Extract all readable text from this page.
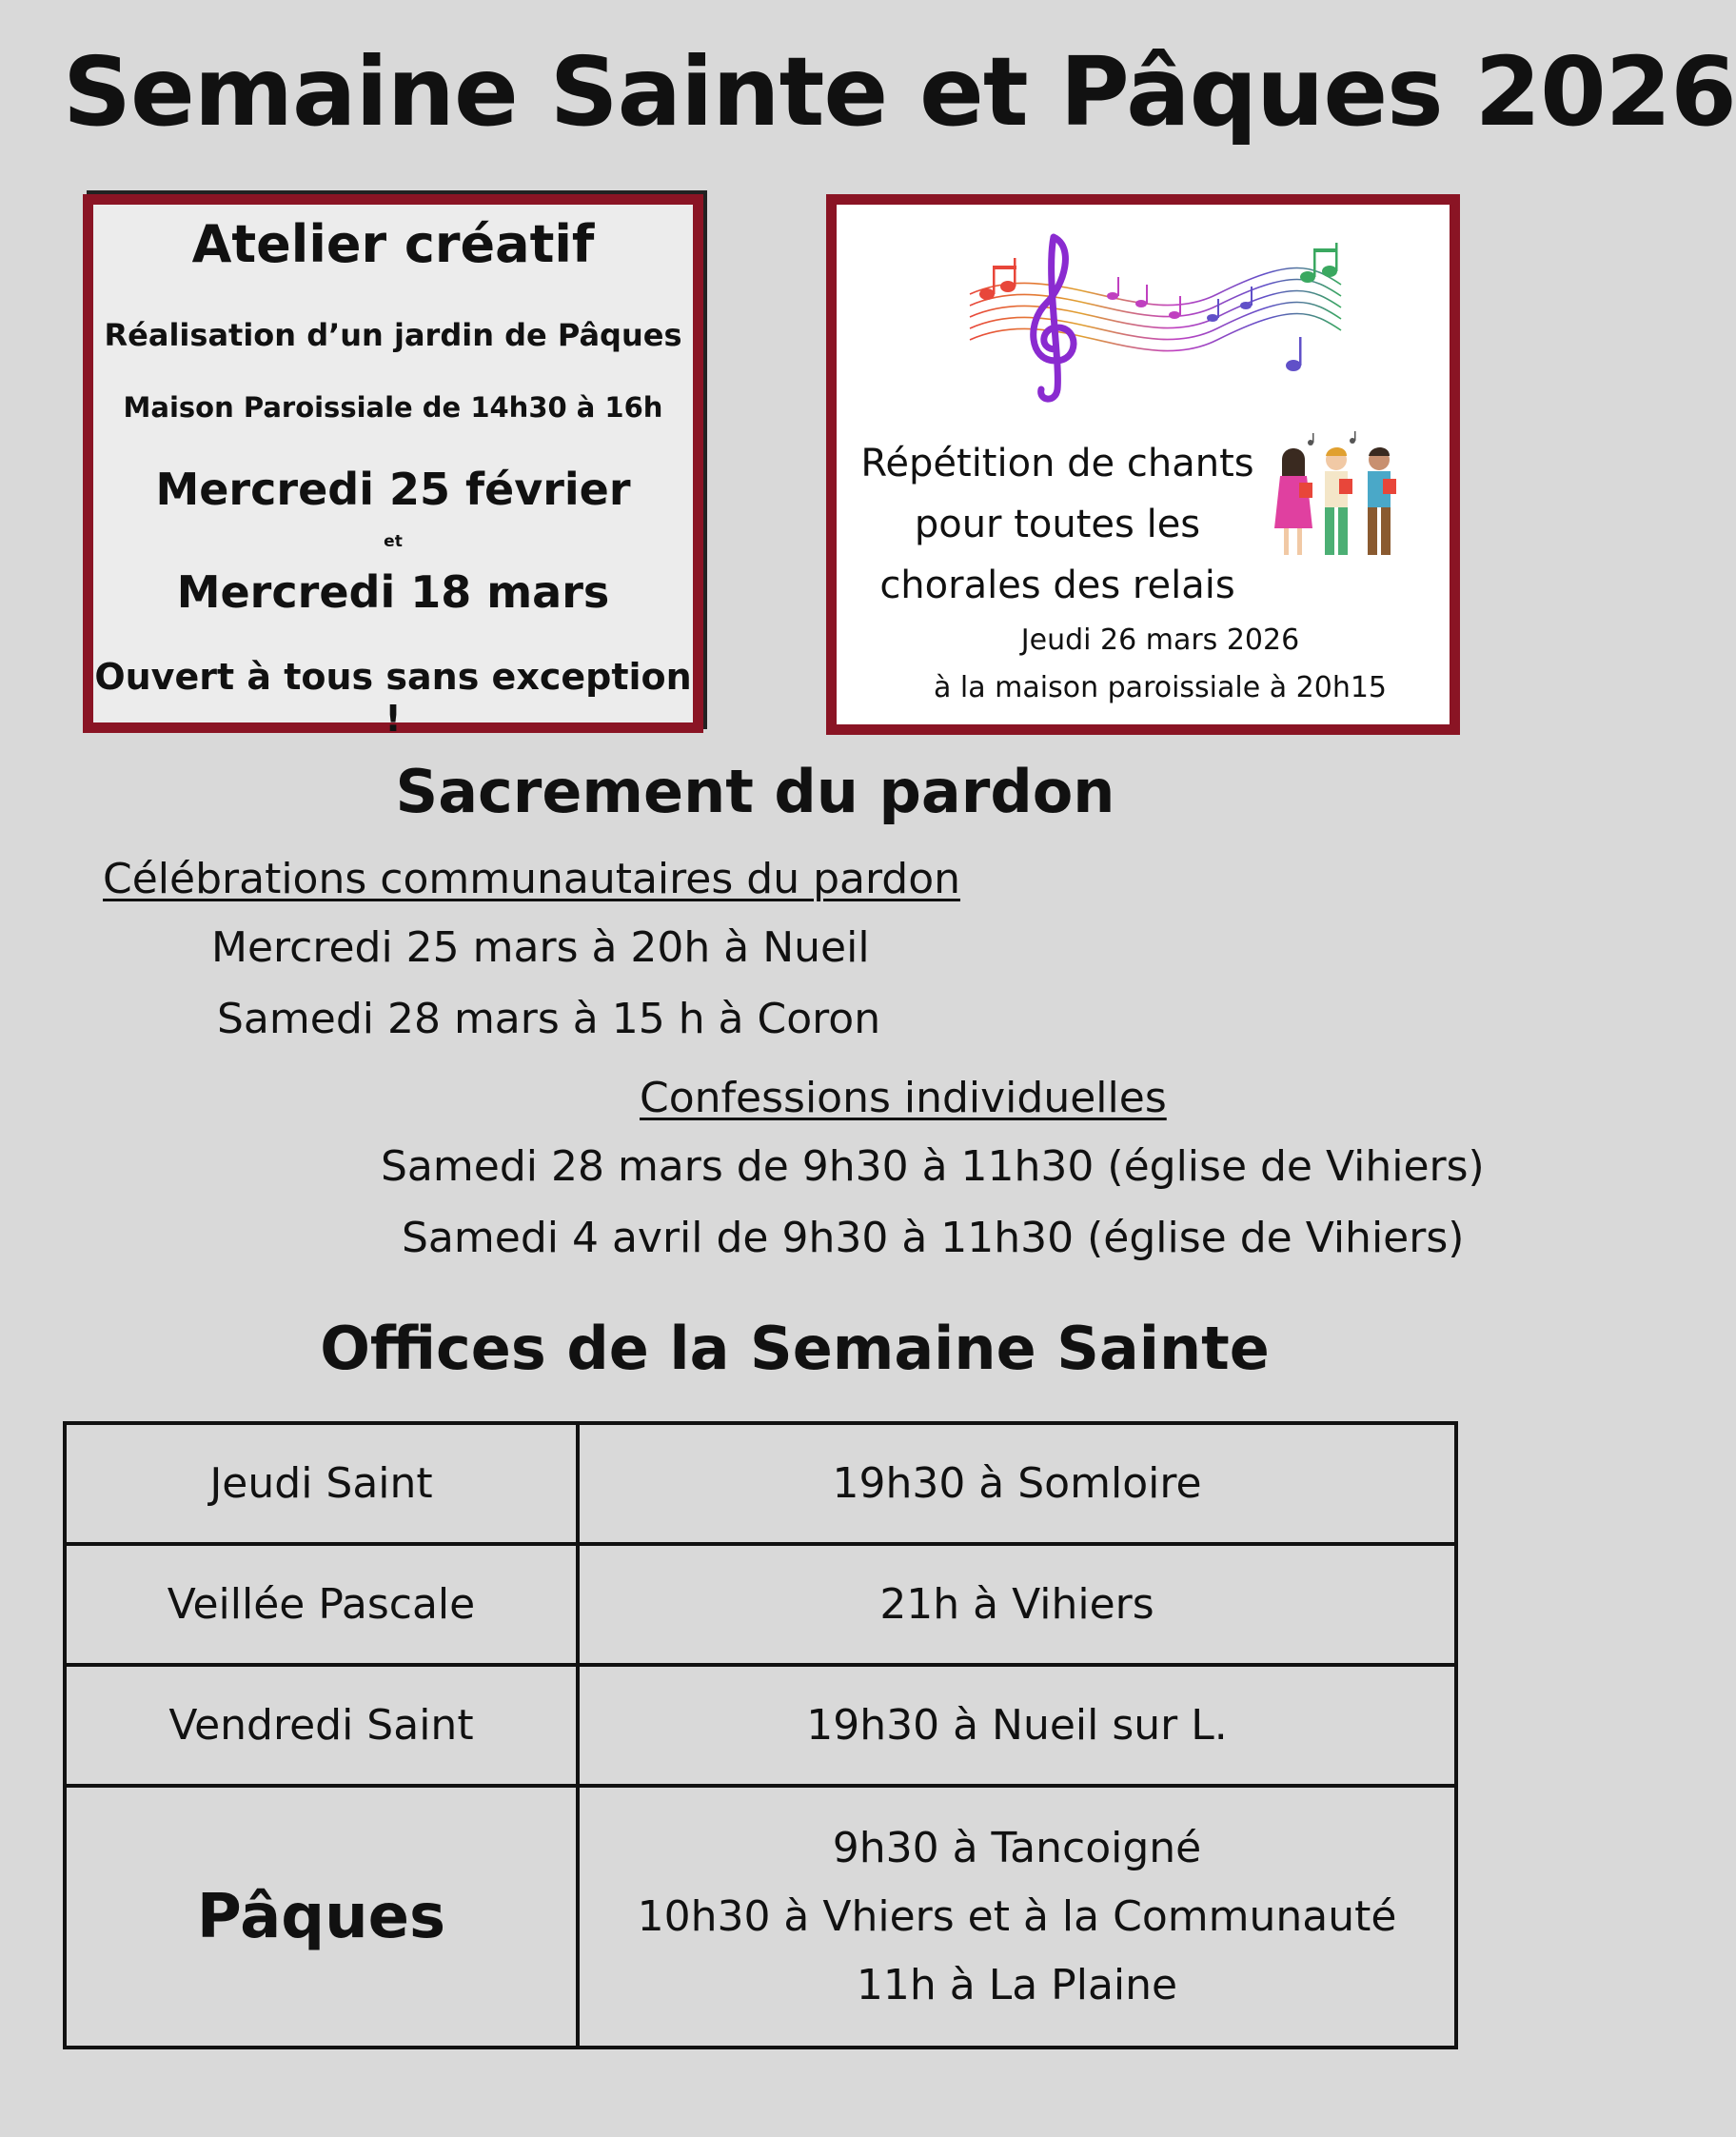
Semaine Sainte et Pâques 2026
Atelier créatif
Réalisation d’un jardin de Pâques
Maison Paroissiale de 14h30 à 16h
Mercredi 25 février
et
Mercredi 18 mars
Ouvert à tous sans exception !
Répétition de chants
pour toutes les
chorales des relais
Jeudi 26 mars 2026
à la maison paroissiale à 20h15
Sacrement du pardon
Célébrations communautaires du pardon
Mercredi 25 mars à 20h à Nueil
Samedi 28 mars à 15 h à Coron
Confessions individuelles
Samedi 28 mars de 9h30 à 11h30 (église de Vihiers)
Samedi 4 avril de 9h30 à 11h30 (église de Vihiers)
Offices de la Semaine Sainte
Jeudi Saint	19h30 à Somloire
Veillée Pascale	21h à Vihiers
Vendredi Saint	19h30 à Nueil sur L.
Pâques	9h30 à Tancoigné
10h30 à Vhiers et à la Communauté
11h à La Plaine
